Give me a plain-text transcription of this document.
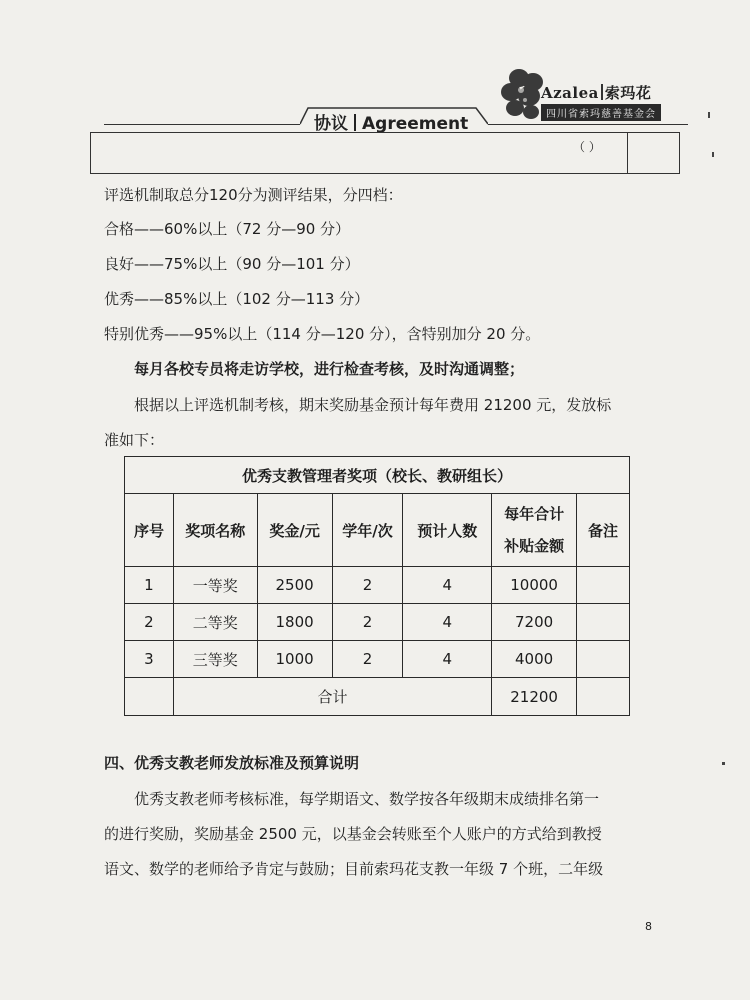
Azalea 索玛花
四川省索玛慈善基金会
协议 Agreement
（ ）
评选机制取总分120分为测评结果，分四档：
合格——60%以上（72 分—90 分）
良好——75%以上（90 分—101 分）
优秀——85%以上（102 分—113 分）
特别优秀——95%以上（114 分—120 分），含特别加分 20 分。
每月各校专员将走访学校，进行检查考核，及时沟通调整；
根据以上评选机制考核，期末奖励基金预计每年费用 21200 元，发放标
准如下：
优秀支教管理者奖项（校长、教研组长）						
序号	奖项名称	奖金/元	学年/次	预计人数	每年合计
补贴金额	备注
1	一等奖	2500	2	4	10000	
2	二等奖	1800	2	4	7200	
3	三等奖	1000	2	4	4000	
	合计				21200	
四、优秀支教老师发放标准及预算说明
优秀支教老师考核标准，每学期语文、数学按各年级期末成绩排名第一
的进行奖励，奖励基金 2500 元，以基金会转账至个人账户的方式给到教授
语文、数学的老师给予肯定与鼓励；目前索玛花支教一年级 7 个班，二年级
8
